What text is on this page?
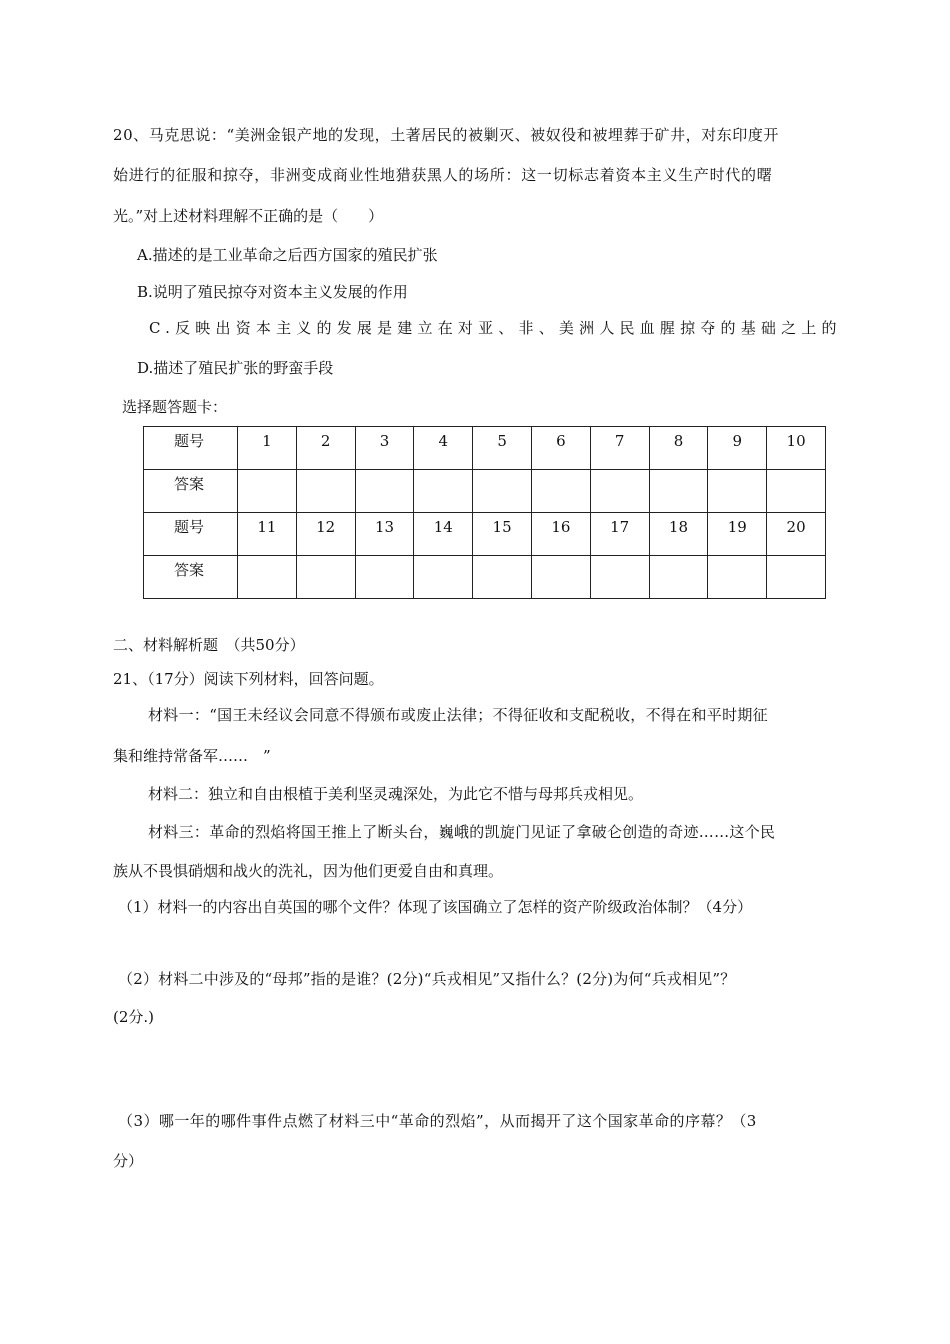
20、马克思说：“美洲金银产地的发现，土著居民的被剿灭、被奴役和被埋葬于矿井，对东印度开
始进行的征服和掠夺，非洲变成商业性地猎获黑人的场所：这一切标志着资本主义生产时代的曙
光。”对上述材料理解不正确的是（　　）
A.描述的是工业革命之后西方国家的殖民扩张
B.说明了殖民掠夺对资本主义发展的作用
C.反映出资本主义的发展是建立在对亚、非、美洲人民血腥掠夺的基础之上的
D.描述了殖民扩张的野蛮手段
选择题答题卡：
题号	1	2	3	4	5	6	7	8	9	10
答案										
题号	11	12	13	14	15	16	17	18	19	20
答案										
二、材料解析题　（共50分）
21、（17分）阅读下列材料，回答问题。
材料一：“国王未经议会同意不得颁布或废止法律；不得征收和支配税收，不得在和平时期征
集和维持常备军……　”
材料二：独立和自由根植于美利坚灵魂深处，为此它不惜与母邦兵戎相见。
材料三：革命的烈焰将国王推上了断头台，巍峨的凯旋门见证了拿破仑创造的奇迹……这个民
族从不畏惧硝烟和战火的洗礼，因为他们更爱自由和真理。
（1）材料一的内容出自英国的哪个文件？体现了该国确立了怎样的资产阶级政治体制？（4分）
（2）材料二中涉及的“母邦”指的是谁？(2分)“兵戎相见”又指什么？(2分)为何“兵戎相见”？
(2分.)
（3）哪一年的哪件事件点燃了材料三中“革命的烈焰”，从而揭开了这个国家革命的序幕？（3
分）
